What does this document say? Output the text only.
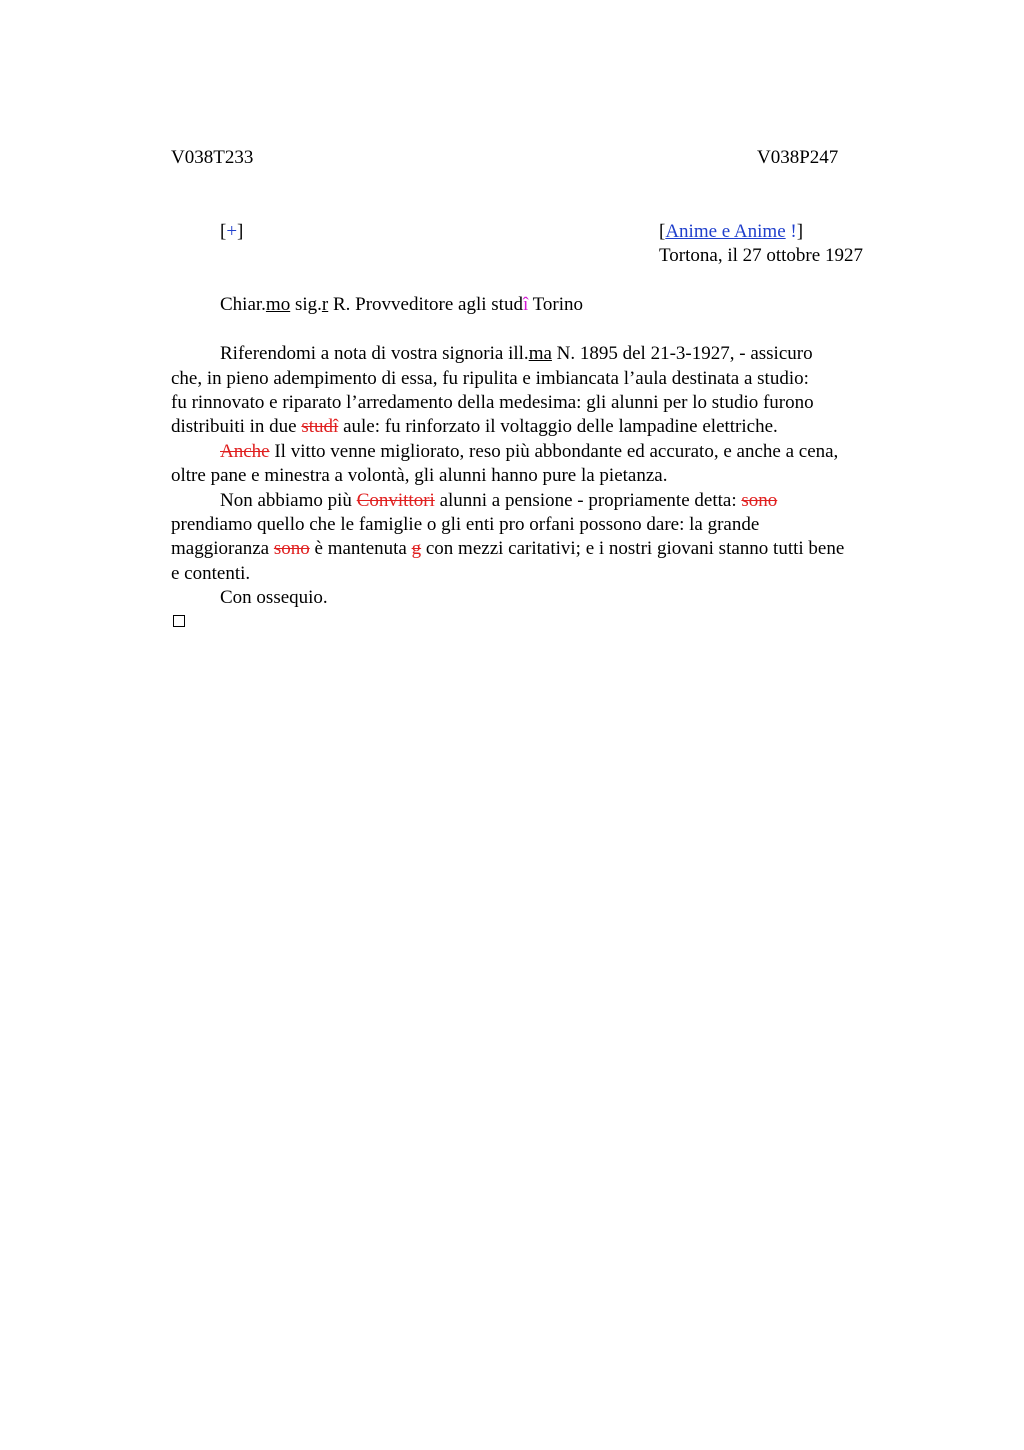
V038T233	V038P247
[+]	[Anime e Anime !]
Tortona, il 27 ottobre 1927
Chiar.mo sig.r R. Provveditore agli studî Torino
Riferendomi a nota di vostra signoria ill.ma N. 1895 del 21-3-1927, - assicuro
che, in pieno adempimento di essa, fu ripulita e imbiancata l’aula destinata a studio:
fu rinnovato e riparato l’arredamento della medesima: gli alunni per lo studio furono
distribuiti in due studî aule: fu rinforzato il voltaggio delle lampadine elettriche.
Anche Il vitto venne migliorato, reso più abbondante ed accurato, e anche a cena,
oltre pane e minestra a volontà, gli alunni hanno pure la pietanza.
Non abbiamo più Convittori alunni a pensione - propriamente detta: sono
prendiamo quello che le famiglie o gli enti pro orfani possono dare: la grande
maggioranza sono è mantenuta g con mezzi caritativi; e i nostri giovani stanno tutti bene
e contenti.
Con ossequio.
